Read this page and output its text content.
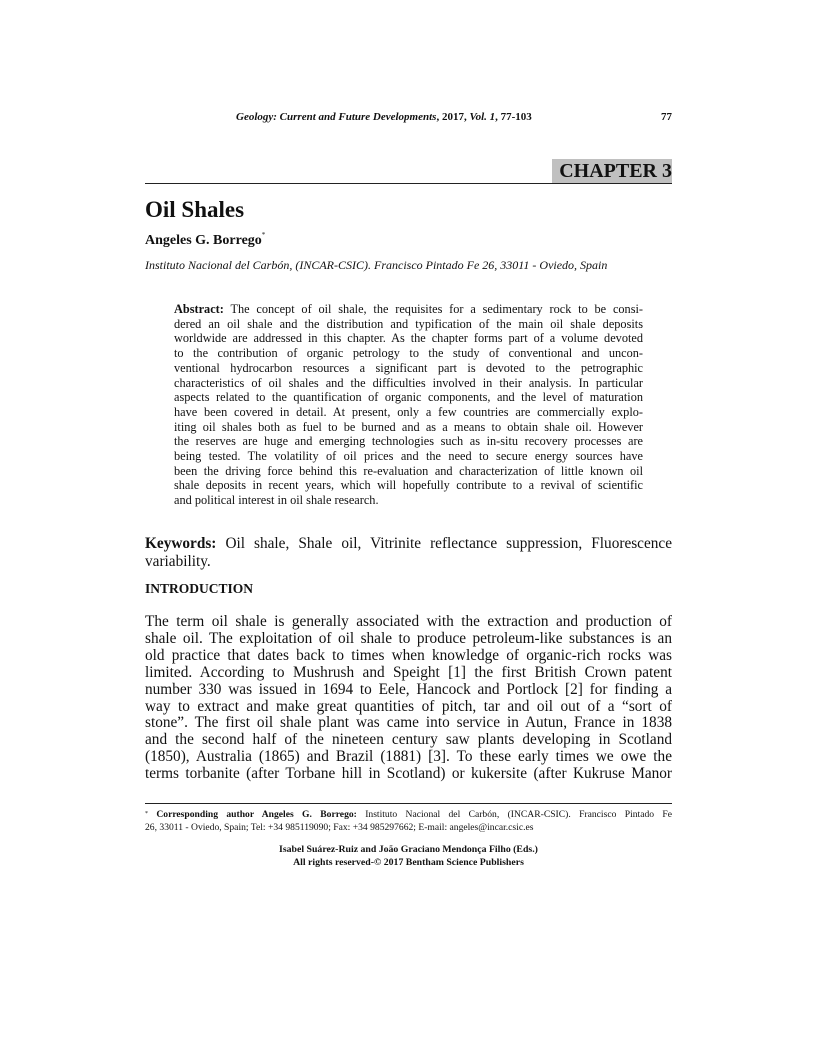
Geology: Current and Future Developments, 2017, Vol. 1, 77-103	77
CHAPTER 3
Oil Shales
Angeles G. Borrego*
Instituto Nacional del Carbón, (INCAR-CSIC). Francisco Pintado Fe 26, 33011 - Oviedo, Spain
Abstract: The concept of oil shale, the requisites for a sedimentary rock to be consi-
dered an oil shale and the distribution and typification of the main oil shale deposits
worldwide are addressed in this chapter. As the chapter forms part of a volume devoted
to the contribution of organic petrology to the study of conventional and uncon-
ventional hydrocarbon resources a significant part is devoted to the petrographic
characteristics of oil shales and the difficulties involved in their analysis. In particular
aspects related to the quantification of organic components, and the level of maturation
have been covered in detail. At present, only a few countries are commercially explo-
iting oil shales both as fuel to be burned and as a means to obtain shale oil. However
the reserves are huge and emerging technologies such as in-situ recovery processes are
being tested. The volatility of oil prices and the need to secure energy sources have
been the driving force behind this re-evaluation and characterization of little known oil
shale deposits in recent years, which will hopefully contribute to a revival of scientific
and political interest in oil shale research.
Keywords: Oil shale, Shale oil, Vitrinite reflectance suppression, Fluorescence
variability.
INTRODUCTION
The term oil shale is generally associated with the extraction and production of
shale oil. The exploitation of oil shale to produce petroleum-like substances is an
old practice that dates back to times when knowledge of organic-rich rocks was
limited. According to Mushrush and Speight [1] the first British Crown patent
number 330 was issued in 1694 to Eele, Hancock and Portlock [2] for finding a
way to extract and make great quantities of pitch, tar and oil out of a “sort of
stone”. The first oil shale plant was came into service in Autun, France in 1838
and the second half of the nineteen century saw plants developing in Scotland
(1850), Australia (1865) and Brazil (1881) [3]. To these early times we owe the
terms torbanite (after Torbane hill in Scotland) or kukersite (after Kukruse Manor
* Corresponding author Angeles G. Borrego: Instituto Nacional del Carbón, (INCAR-CSIC). Francisco Pintado Fe
26, 33011 - Oviedo, Spain; Tel: +34 985119090; Fax: +34 985297662; E-mail: angeles@incar.csic.es
Isabel Suárez-Ruiz and João Graciano Mendonça Filho (Eds.)
All rights reserved-© 2017 Bentham Science Publishers
